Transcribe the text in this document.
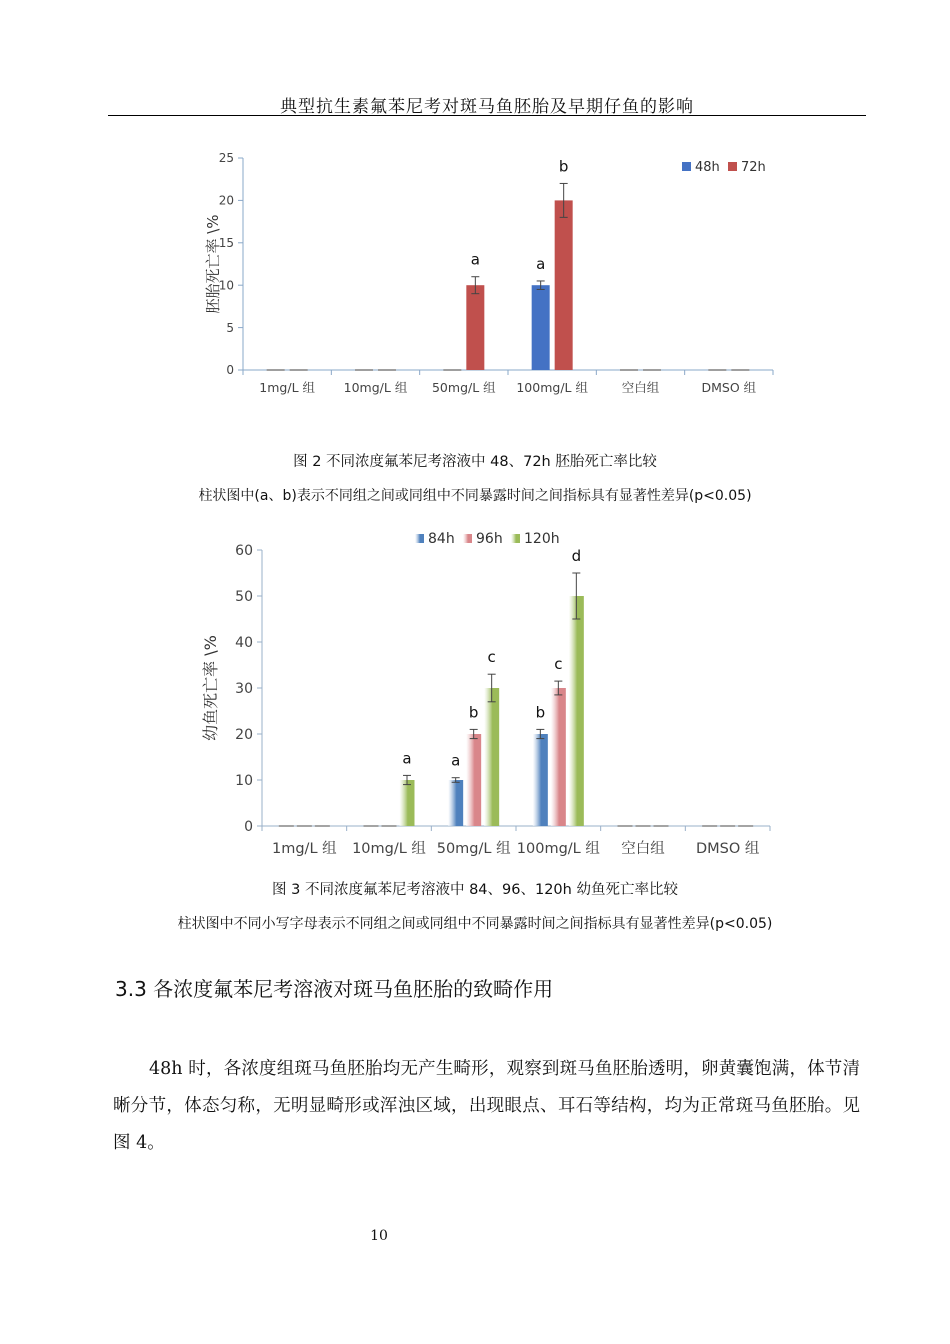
典型抗生素氟苯尼考对斑马鱼胚胎及早期仔鱼的影响
0
5
10
15
20
25
胚胎死亡率 \%
1mg/L 组 10mg/L 组 50mg/L 组
a
100mg/L 组
a
b
空白组	DMSO 组
48h 72h
0
10
20
30
40
50
60
幼鱼死亡率 \%
1mg/L 组 10mg/L 组
a
50mg/L 组
a
b
c
100mg/L 组
b
c
d
空白组 DMSO 组
84h 96h 120h
图 2 不同浓度氟苯尼考溶液中 48、72h 胚胎死亡率比较
柱状图中(a、b)表示不同组之间或同组中不同暴露时间之间指标具有显著性差异(p<0.05)
图 3 不同浓度氟苯尼考溶液中 84、96、120h 幼鱼死亡率比较
柱状图中不同小写字母表示不同组之间或同组中不同暴露时间之间指标具有显著性差异(p<0.05)
3.3 各浓度氟苯尼考溶液对斑马鱼胚胎的致畸作用
48h 时，各浓度组斑马鱼胚胎均无产生畸形，观察到斑马鱼胚胎透明，卵黄囊饱满，体节清晰分节，体态匀称，无明显畸形或浑浊区域，出现眼点、耳石等结构，均为正常斑马鱼胚胎。见图 4。
10
